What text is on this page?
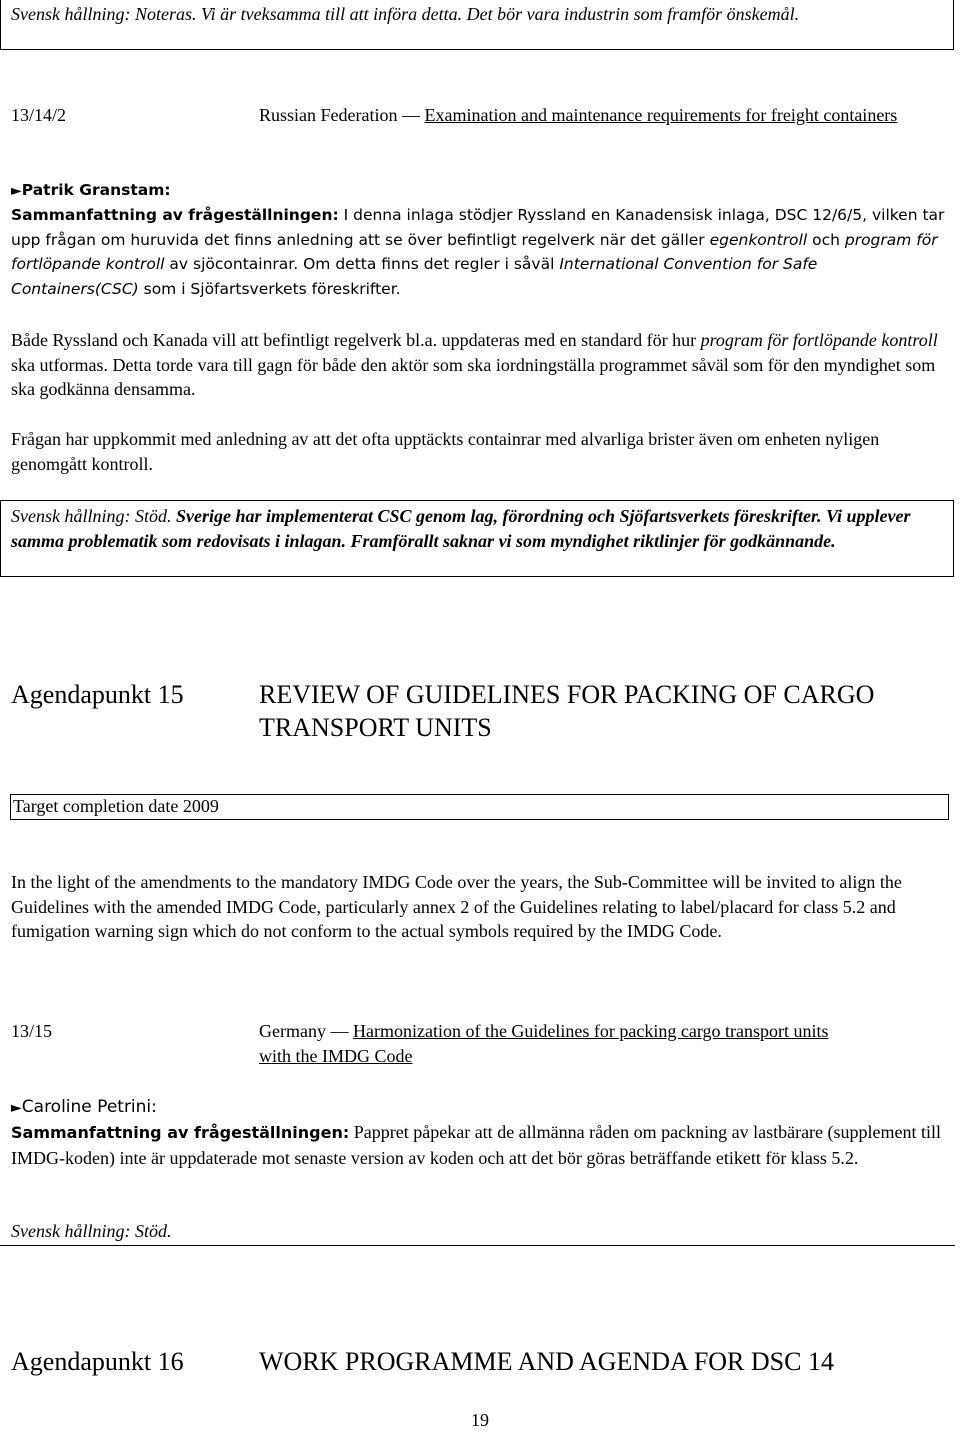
Svensk hållning: Noteras. Vi är tveksamma till att införa detta. Det bör vara industrin som framför önskemål.
13/14/2	Russian Federation — Examination and maintenance requirements for freight containers
►Patrik Granstam:
Sammanfattning av frågeställningen: I denna inlaga stödjer Ryssland en Kanadensisk inlaga, DSC 12/6/5, vilken tar upp frågan om huruvida det finns anledning att se över befintligt regelverk när det gäller egenkontroll och program för fortlöpande kontroll av sjöcontainrar. Om detta finns det regler i såväl International Convention for Safe Containers(CSC) som i Sjöfartsverkets föreskrifter.
Både Ryssland och Kanada vill att befintligt regelverk bl.a. uppdateras med en standard för hur program för fortlöpande kontroll ska utformas. Detta torde vara till gagn för både den aktör som ska iordningställa programmet såväl som för den myndighet som ska godkänna densamma.
Frågan har uppkommit med anledning av att det ofta upptäckts containrar med alvarliga brister även om enheten nyligen genomgått kontroll.
Svensk hållning: Stöd. Sverige har implementerat CSC genom lag, förordning och Sjöfartsverkets föreskrifter. Vi upplever samma problematik som redovisats i inlagan. Framförallt saknar vi som myndighet riktlinjer för godkännande.
Agendapunkt 15	REVIEW OF GUIDELINES FOR PACKING OF CARGO
TRANSPORT UNITS
Target completion date 2009
In the light of the amendments to the mandatory IMDG Code over the years, the Sub-Committee will be invited to align the Guidelines with the amended IMDG Code, particularly annex 2 of the Guidelines relating to label/placard for class 5.2 and fumigation warning sign which do not conform to the actual symbols required by the IMDG Code.
13/15	Germany — Harmonization of the Guidelines for packing cargo transport units
with the IMDG Code
►Caroline Petrini:
Sammanfattning av frågeställningen: Pappret påpekar att de allmänna råden om packning av lastbärare (supplement till IMDG-koden) inte är uppdaterade mot senaste version av koden och att det bör göras beträffande etikett för klass 5.2.
Svensk hållning: Stöd.
Agendapunkt 16	WORK PROGRAMME AND AGENDA FOR DSC 14
19
